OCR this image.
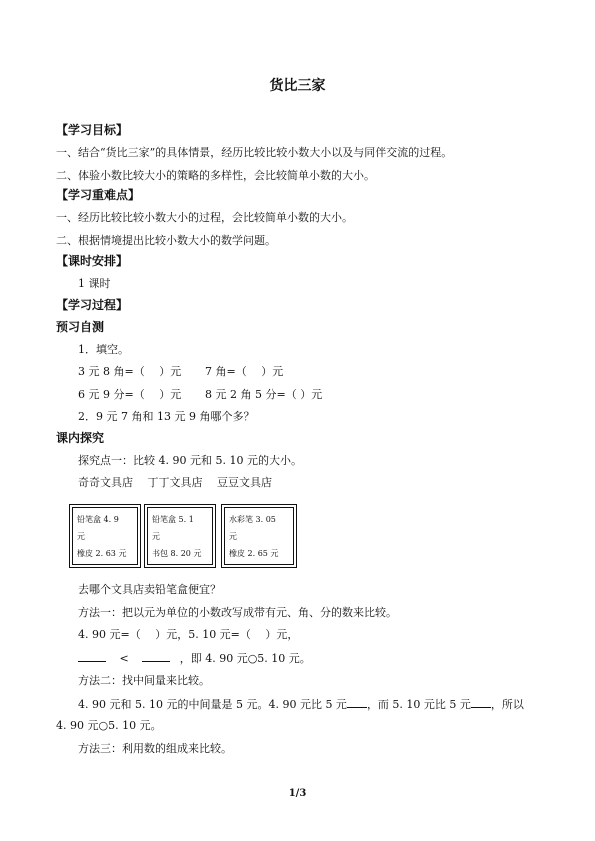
货比三家
【学习目标】
一、结合“货比三家”的具体情景，经历比较比较小数大小以及与同伴交流的过程。
二、体验小数比较大小的策略的多样性，会比较简单小数的大小。
【学习重难点】
一、经历比较比较小数大小的过程，会比较简单小数的大小。
二、根据情境提出比较小数大小的数学问题。
【课时安排】
1 课时
【学习过程】
预习自测
1．填空。
3 元 8 角=（　 ）元 7 角=（　 ）元
6 元 9 分=（　 ）元 8 元 2 角 5 分=（ ）元
2．9 元 7 角和 13 元 9 角哪个多？
课内探究
探究点一：比较 4. 90 元和 5. 10 元的大小。
奇奇文具店　 丁丁文具店　 豆豆文具店
铅笔盒 4. 9
元
橡皮 2. 63 元
铅笔盒 5. 1
元
书包 8. 20 元
水彩笔 3. 05
元
橡皮 2. 65 元
去哪个文具店卖铅笔盒便宜？
方法一：把以元为单位的小数改写成带有元、角、分的数来比较。
4. 90 元=（　 ）元，5. 10 元=（　 ）元，
<	，即 4. 90 元○5. 10 元。
方法二：找中间量来比较。
4. 90 元和 5. 10 元的中间量是 5 元。4. 90 元比 5 元 ，而 5. 10 元比 5 元 ，所以
4. 90 元○5. 10 元。
方法三：利用数的组成来比较。
1/3
